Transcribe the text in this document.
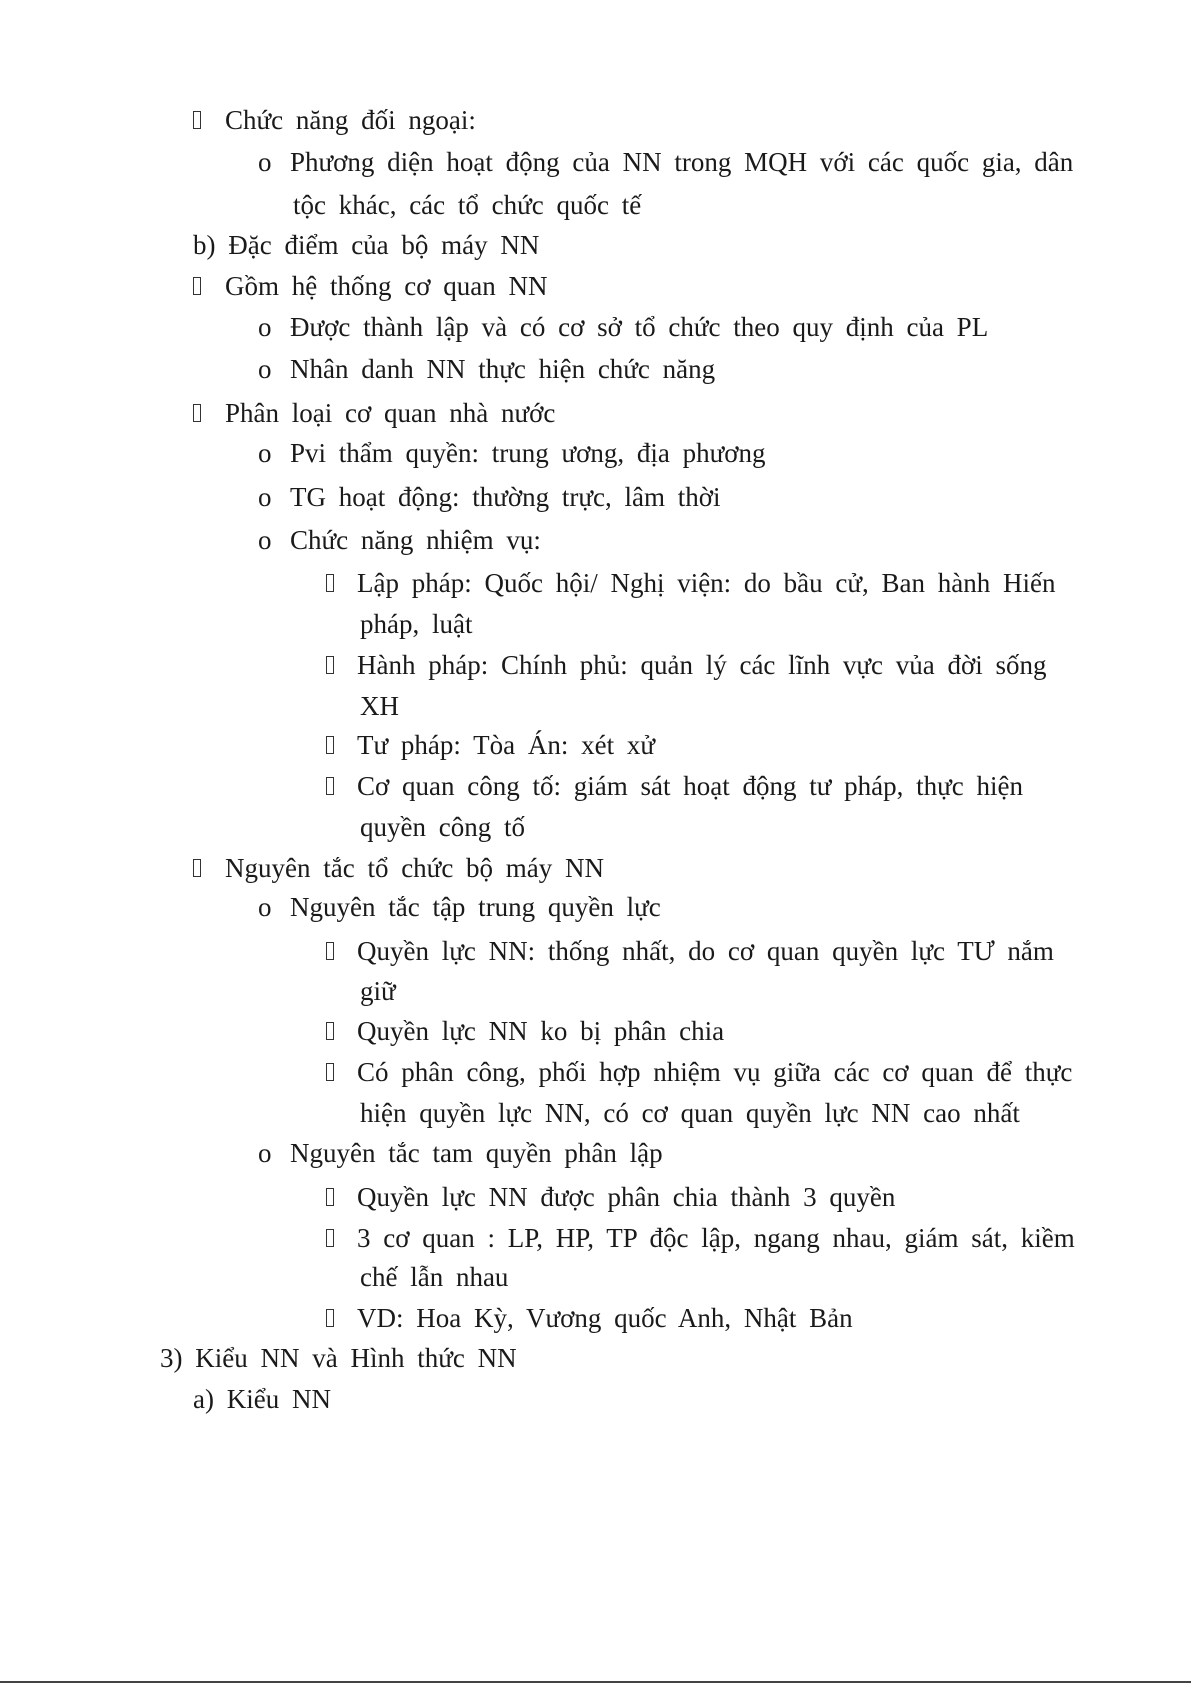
Chức năng đối ngoại:
o Phương diện hoạt động của NN trong MQH với các quốc gia, dân
tộc khác, các tổ chức quốc tế
b) Đặc điểm của bộ máy NN
Gồm hệ thống cơ quan NN
o Được thành lập và có cơ sở tổ chức theo quy định của PL
o Nhân danh NN thực hiện chức năng
Phân loại cơ quan nhà nước
o Pvi thẩm quyền: trung ương, địa phương
o TG hoạt động: thường trực, lâm thời
o Chức năng nhiệm vụ:
Lập pháp: Quốc hội/ Nghị viện: do bầu cử, Ban hành Hiến
pháp, luật
Hành pháp: Chính phủ: quản lý các lĩnh vực vủa đời sống
XH
Tư pháp: Tòa Án: xét xử
Cơ quan công tố: giám sát hoạt động tư pháp, thực hiện
quyền công tố
Nguyên tắc tổ chức bộ máy NN
o Nguyên tắc tập trung quyền lực
Quyền lực NN: thống nhất, do cơ quan quyền lực TƯ nắm
giữ
Quyền lực NN ko bị phân chia
Có phân công, phối hợp nhiệm vụ giữa các cơ quan để thực
hiện quyền lực NN, có cơ quan quyền lực NN cao nhất
o Nguyên tắc tam quyền phân lập
Quyền lực NN được phân chia thành 3 quyền
3 cơ quan : LP, HP, TP độc lập, ngang nhau, giám sát, kiềm
chế lẫn nhau
VD: Hoa Kỳ, Vương quốc Anh, Nhật Bản
3) Kiểu NN và Hình thức NN
a) Kiểu NN
